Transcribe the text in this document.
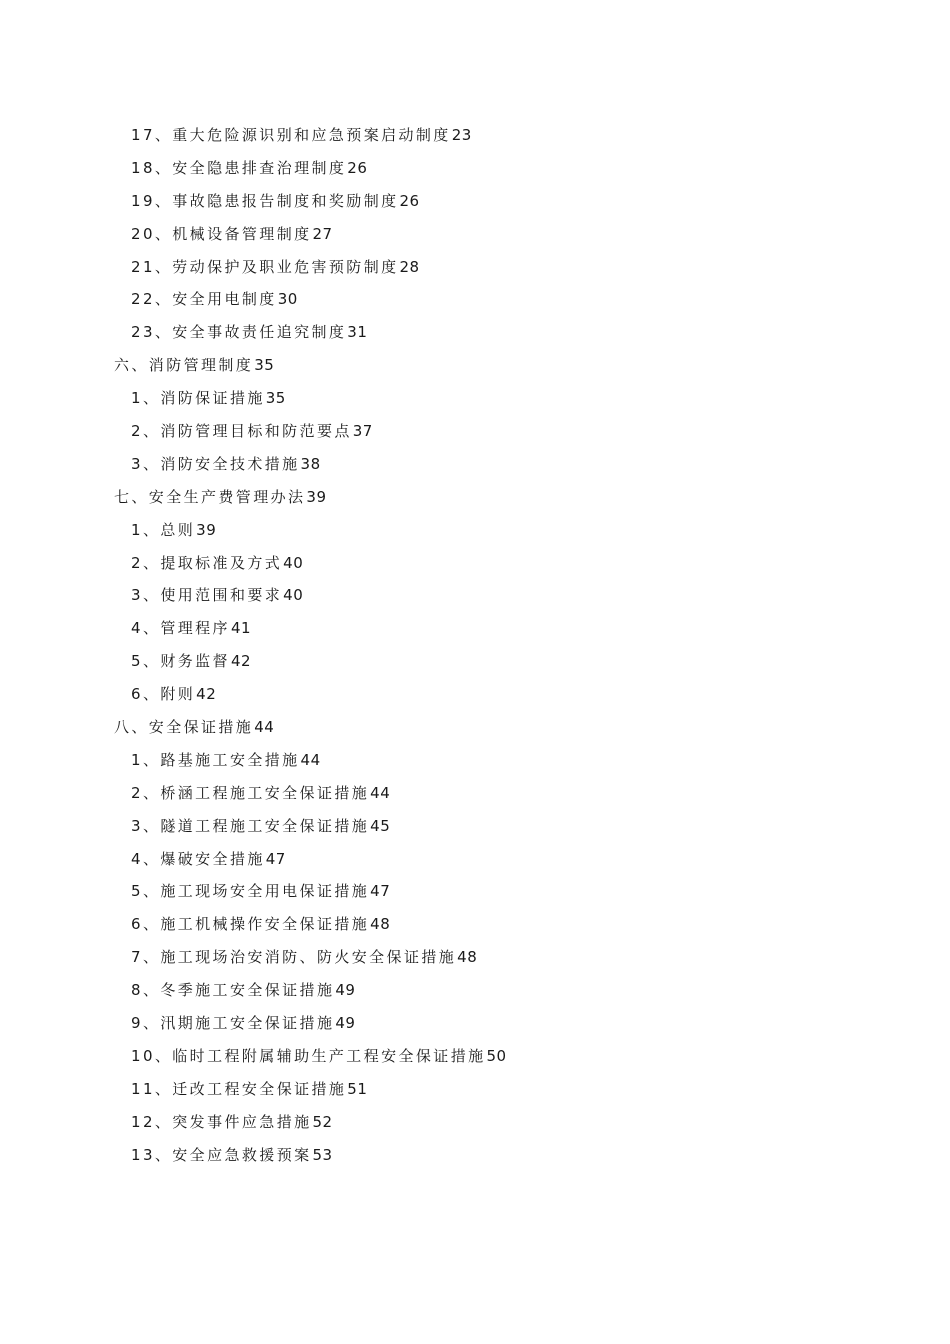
17、重大危险源识别和应急预案启动制度23
18、安全隐患排查治理制度26
19、事故隐患报告制度和奖励制度26
20、机械设备管理制度27
21、劳动保护及职业危害预防制度28
22、安全用电制度30
23、安全事故责任追究制度31
六、消防管理制度35
1、消防保证措施35
2、消防管理目标和防范要点37
3、消防安全技术措施38
七、安全生产费管理办法39
1、总则39
2、提取标准及方式40
3、使用范围和要求40
4、管理程序41
5、财务监督42
6、附则42
八、安全保证措施44
1、路基施工安全措施44
2、桥涵工程施工安全保证措施44
3、隧道工程施工安全保证措施45
4、爆破安全措施47
5、施工现场安全用电保证措施47
6、施工机械操作安全保证措施48
7、施工现场治安消防、防火安全保证措施48
8、冬季施工安全保证措施49
9、汛期施工安全保证措施49
10、临时工程附属辅助生产工程安全保证措施50
11、迁改工程安全保证措施51
12、突发事件应急措施52
13、安全应急救援预案53
